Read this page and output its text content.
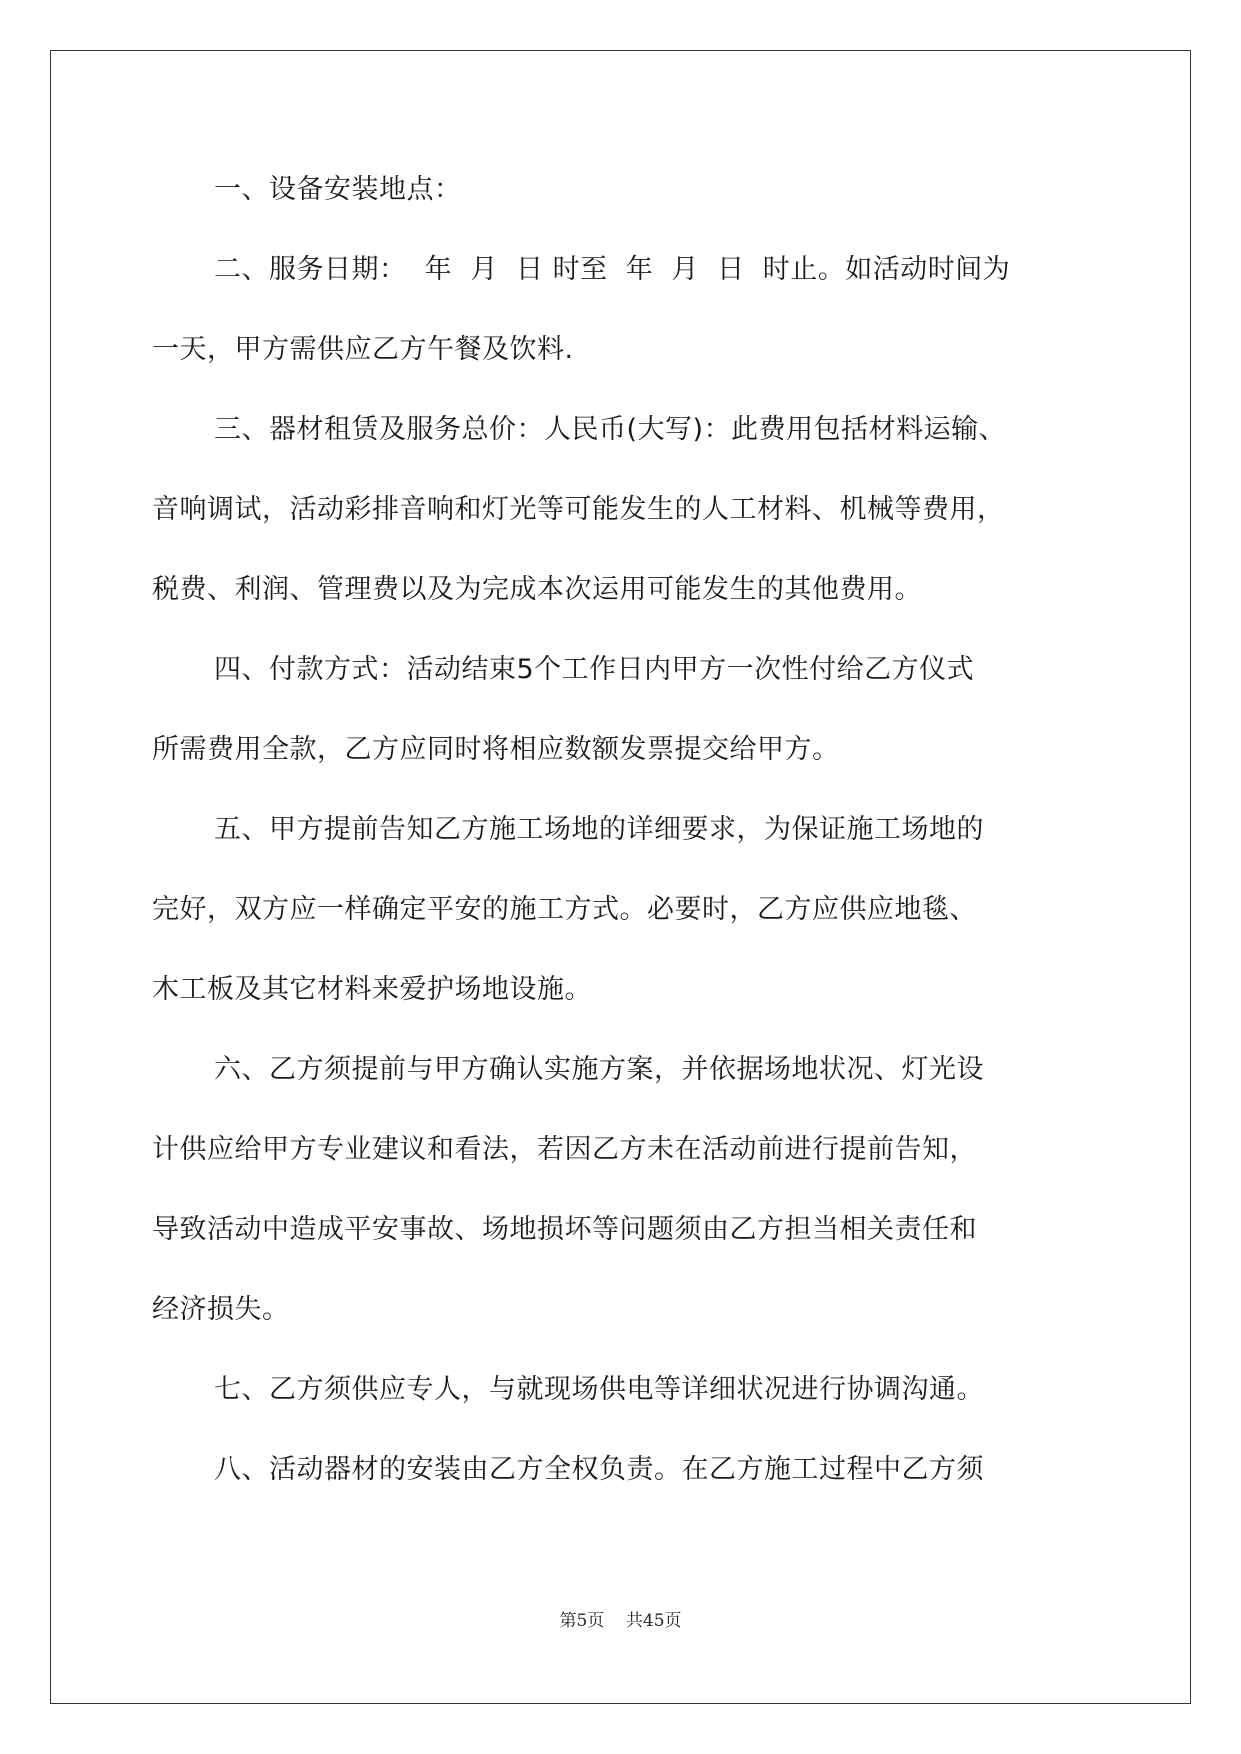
一、设备安装地点：
二、服务日期：  年  月  日 时至  年  月  日  时止。如活动时间为
一天，甲方需供应乙方午餐及饮料.
三、器材租赁及服务总价：人民币(大写)：此费用包括材料运输、
音响调试，活动彩排音响和灯光等可能发生的人工材料、机械等费用，
税费、利润、管理费以及为完成本次运用可能发生的其他费用。
四、付款方式：活动结束5个工作日内甲方一次性付给乙方仪式
所需费用全款，乙方应同时将相应数额发票提交给甲方。
五、甲方提前告知乙方施工场地的详细要求，为保证施工场地的
完好，双方应一样确定平安的施工方式。必要时，乙方应供应地毯、
木工板及其它材料来爱护场地设施。
六、乙方须提前与甲方确认实施方案，并依据场地状况、灯光设
计供应给甲方专业建议和看法，若因乙方未在活动前进行提前告知，
导致活动中造成平安事故、场地损坏等问题须由乙方担当相关责任和
经济损失。
七、乙方须供应专人，与就现场供电等详细状况进行协调沟通。
八、活动器材的安装由乙方全权负责。在乙方施工过程中乙方须
第5页 共45页
